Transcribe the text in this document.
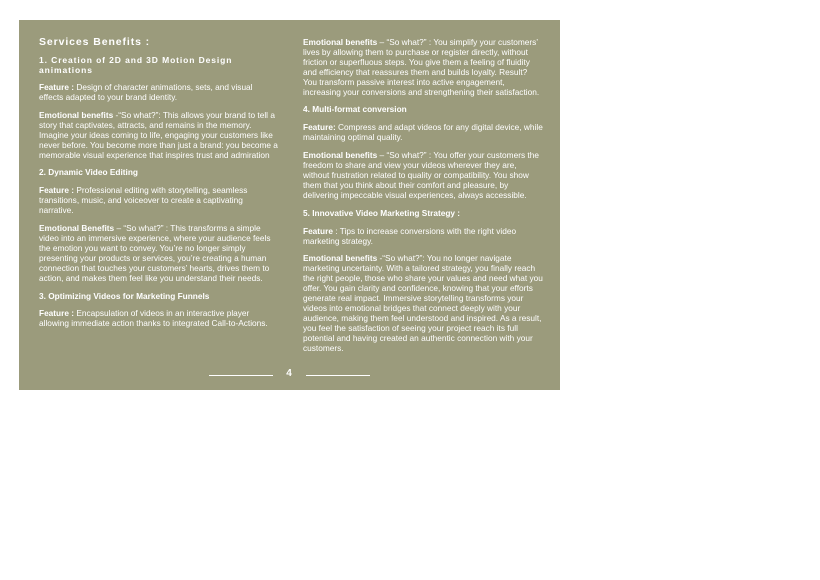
Services Benefits :

1. Creation of 2D and 3D Motion Design animations

Feature : Design of character animations, sets, and visual effects adapted to your brand identity.

Emotional benefits -“So what?”: This allows your brand to tell a story that captivates, attracts, and remains in the memory. Imagine your ideas coming to life, engaging your customers like never before. You become more than just a brand: you become a memorable visual experience that inspires trust and admiration

2. Dynamic Video Editing

Feature : Professional editing with storytelling, seamless transitions, music, and voiceover to create a captivating narrative.

Emotional Benefits – “So what?” : This transforms a simple video into an immersive experience, where your audience feels the emotion you want to convey. You’re no longer simply presenting your products or services, you’re creating a human connection that touches your customers’ hearts, drives them to action, and makes them feel like you understand their needs.

3. Optimizing Videos for Marketing Funnels

Feature : Encapsulation of videos in an interactive player allowing immediate action thanks to integrated Call-to-Actions.

Emotional benefits – “So what?” : You simplify your customers’ lives by allowing them to purchase or register directly, without friction or superfluous steps. You give them a feeling of fluidity and efficiency that reassures them and builds loyalty. Result? You transform passive interest into active engagement, increasing your conversions and strengthening their satisfaction.

4. Multi-format conversion

Feature: Compress and adapt videos for any digital device, while maintaining optimal quality.

Emotional benefits – “So what?” : You offer your customers the freedom to share and view your videos wherever they are, without frustration related to quality or compatibility. You show them that you think about their comfort and pleasure, by delivering impeccable visual experiences, always accessible.

5. Innovative Video Marketing Strategy :

Feature : Tips to increase conversions with the right video marketing strategy.

Emotional benefits -“So what?”: You no longer navigate marketing uncertainty. With a tailored strategy, you finally reach the right people, those who share your values and need what you offer. You gain clarity and confidence, knowing that your efforts generate real impact. Immersive storytelling transforms your videos into emotional bridges that connect deeply with your audience, making them feel understood and inspired. As a result, you feel the satisfaction of seeing your project reach its full potential and having created an authentic connection with your customers.

4
